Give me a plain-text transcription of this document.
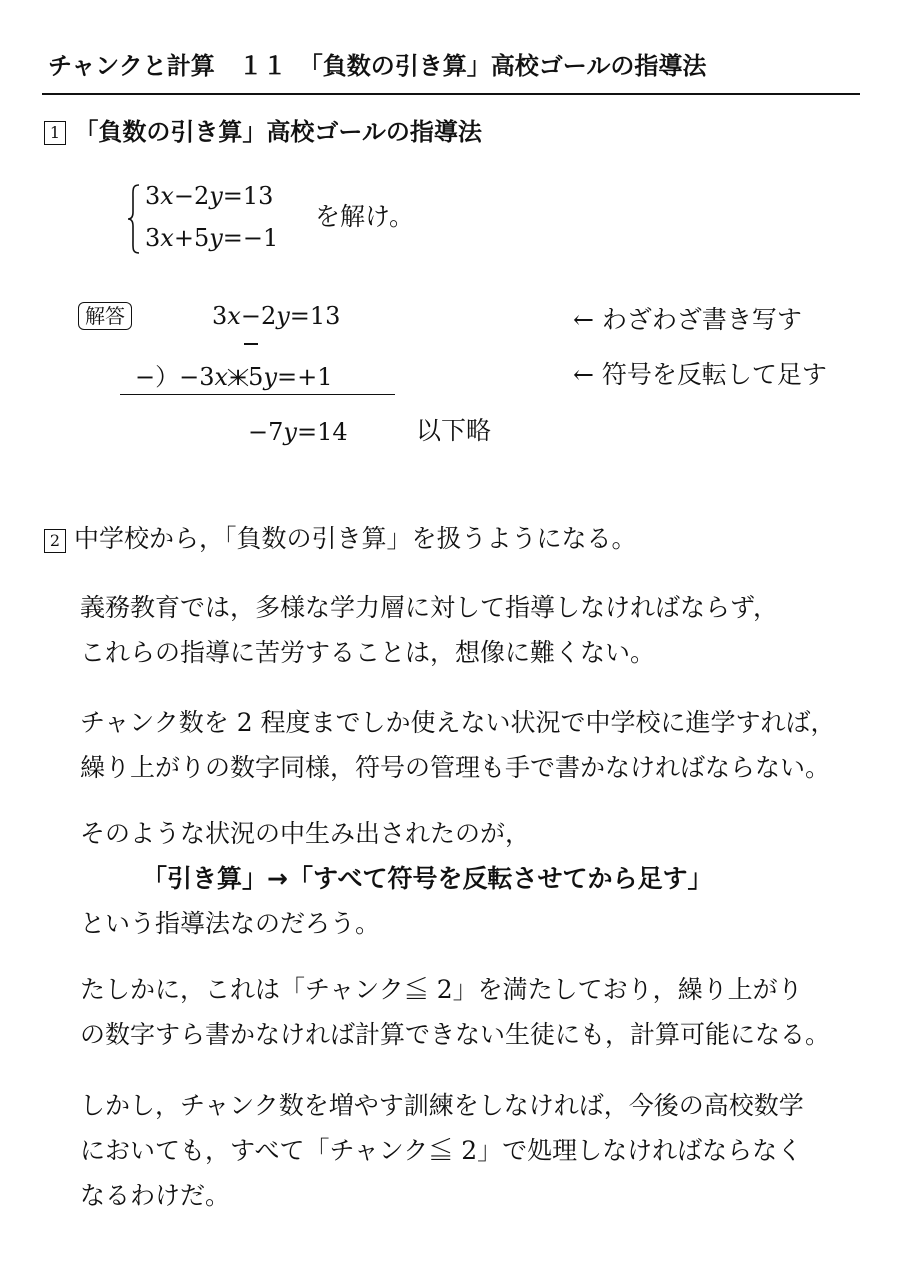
チャンクと計算　１１　「負数の引き算」高校ゴールの指導法
1 「負数の引き算」高校ゴールの指導法
3x−2y=13
3x+5y=−1
を解け。
解答	3x−2y=13	← わざわざ書き写す
−）−3x+5y=+1	← 符号を反転して足す
−7y=14	以下略
2 中学校から，「負数の引き算」を扱うようになる。
義務教育では，多様な学力層に対して指導しなければならず，
これらの指導に苦労することは，想像に難くない。
チャンク数を 2 程度までしか使えない状況で中学校に進学すれば，
繰り上がりの数字同様，符号の管理も手で書かなければならない。
そのような状況の中生み出されたのが，
「引き算」→「すべて符号を反転させてから足す」
という指導法なのだろう。
たしかに，これは「チャンク≦ 2」を満たしており，繰り上がり
の数字すら書かなければ計算できない生徒にも，計算可能になる。
しかし，チャンク数を増やす訓練をしなければ，今後の高校数学
においても，すべて「チャンク≦ 2」で処理しなければならなく
なるわけだ。
